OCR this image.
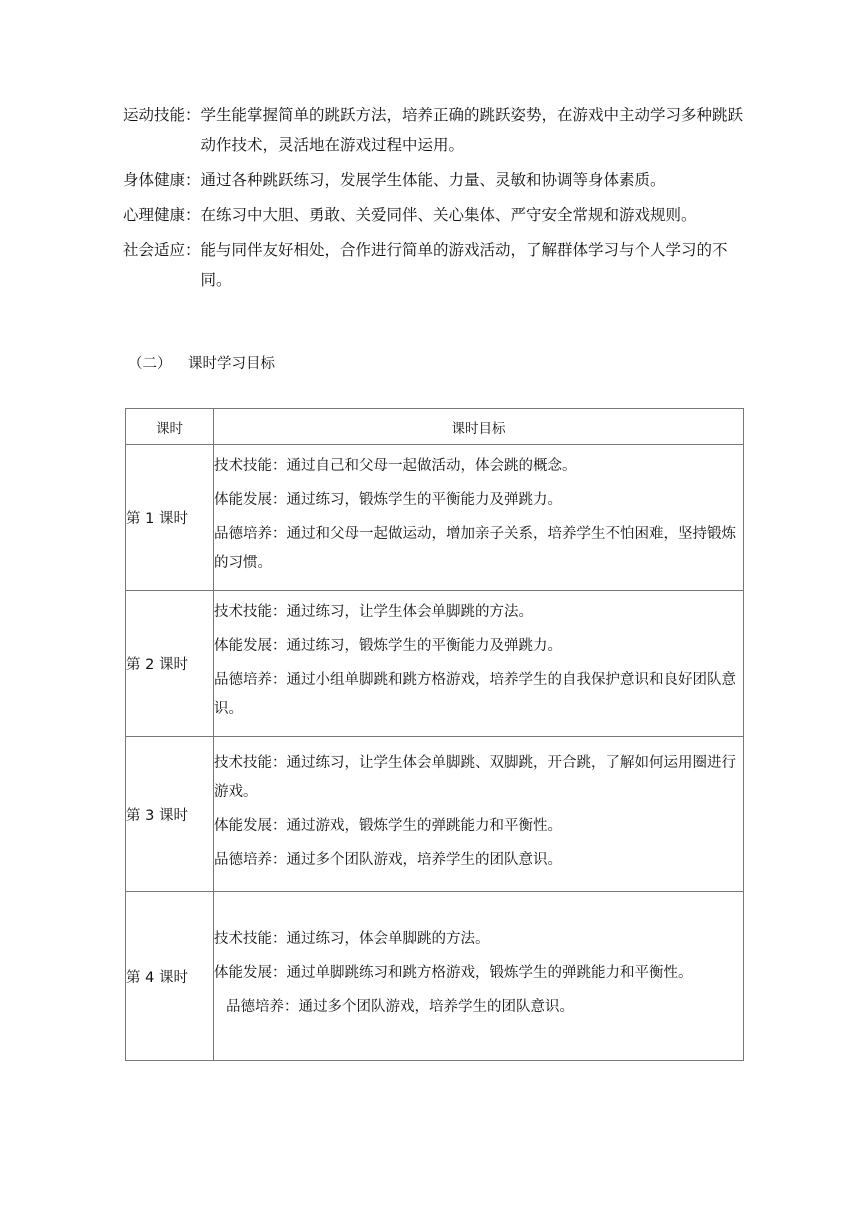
运动技能： 学生能掌握简单的跳跃方法，培养正确的跳跃姿势，在游戏中主动学习多种跳跃动作技术，灵活地在游戏过程中运用。
身体健康： 通过各种跳跃练习，发展学生体能、力量、灵敏和协调等身体素质。
心理健康： 在练习中大胆、勇敢、关爱同伴、关心集体、严守安全常规和游戏规则。
社会适应： 能与同伴友好相处，合作进行简单的游戏活动，了解群体学习与个人学习的不同。
（二） 课时学习目标
课时	课时目标
第 1 课时	技术技能：通过自己和父母一起做活动，体会跳的概念。
体能发展：通过练习，锻炼学生的平衡能力及弹跳力。
品德培养：通过和父母一起做运动，增加亲子关系，培养学生不怕困难，坚持锻炼的习惯。

第 2 课时	技术技能：通过练习，让学生体会单脚跳的方法。
体能发展：通过练习，锻炼学生的平衡能力及弹跳力。
品德培养：通过小组单脚跳和跳方格游戏，培养学生的自我保护意识和良好团队意识。

第 3 课时	技术技能：通过练习，让学生体会单脚跳、双脚跳，开合跳，了解如何运用圈进行游戏。
体能发展：通过游戏，锻炼学生的弹跳能力和平衡性。
品德培养：通过多个团队游戏，培养学生的团队意识。

第 4 课时	技术技能：通过练习，体会单脚跳的方法。
体能发展：通过单脚跳练习和跳方格游戏，锻炼学生的弹跳能力和平衡性。
品德培养：通过多个团队游戏，培养学生的团队意识。
